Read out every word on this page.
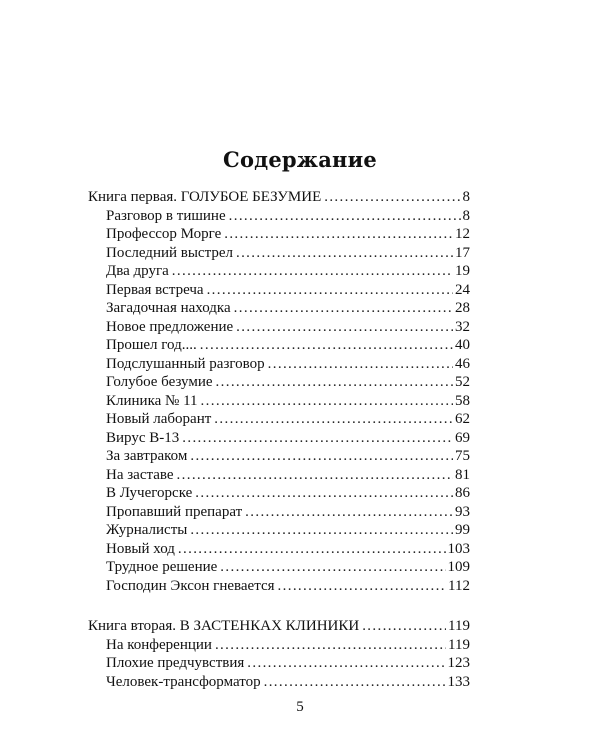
Содержание
Книга первая. ГОЛУБОЕ БЕЗУМИЕ . . .	8
Разговор в тишине . . .	8
Профессор Морге . . .	12
Последний выстрел . . .	17
Два друга . . .	19
Первая встреча . . .	24
Загадочная находка . . .	28
Новое предложение . . .	32
Прошел год.... . . .	40
Подслушанный разговор . . .	46
Голубое безумие . . .	52
Клиника № 11 . . .	58
Новый лаборант . . .	62
Вирус В-13 . . .	69
За завтраком . . .	75
На заставе . . .	81
В Лучегорске . . .	86
Пропавший препарат . . .	93
Журналисты . . .	99
Новый ход . . .	103
Трудное решение . . .	109
Господин Эксон гневается . . .	112
Книга вторая. В ЗАСТЕНКАХ КЛИНИКИ . . .	119
На конференции . . .	119
Плохие предчувствия . . .	123
Человек-трансформатор . . .	133
5
